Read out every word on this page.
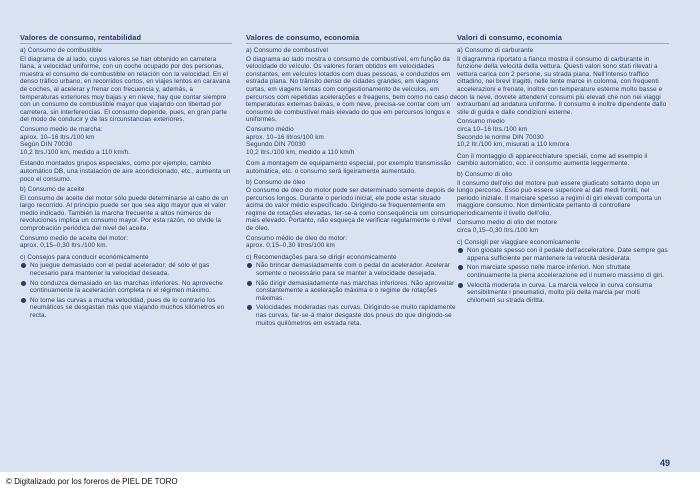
Valores de consumo, rentabilidad
a) Consumo de combustible

El diagrama de al lado, cuyos valores se han obtenido en carretera llana, a velocidad uniforme, con un coche ocupado por dos personas, muestra el consumo de combustible en relación con la velocidad. En el denso tráfico urbano, en recorridos cortos, en viajes lentos en caravana de coches, al acelerar y frenar con frecuencia y, además, a temperaturas exteriores muy bajas y en nieve, hay que contar siempre con un consumo de combustible mayor que viajando con libertad por carretera, sin interferencias. El consumo depende, pues, en gran parte del modo de conducir y de las circunstancias exteriores.

Consumo medio de marcha:
aprox. 10–16 ltrs./100 km
Según DIN 70030
10,2 ltrs./100 km, medido a 110 km/h.

Estando montados grupos especiales, como por ejemplo, cambio automático DB, una instalación de aire acondicionado, etc., aumenta un poco el consumo.

b) Consumo de aceite

El consumo de aceite del motor sólo puede determinarse al cabo de un largo recorrido. Al principio puede ser que sea algo mayor que el valor medio indicado. También la marcha frecuente a altos números de revoluciones implica un consumo mayor. Por esta razón, no olvide la comprobación periódica del nivel del aceite.

Consumo medio de aceite del motor:
aprox. 0,15–0,30 ltrs./100 km.
c) Consejos para conducir económicamente
No juegue demasiado con el pedal acelerador; dé sólo el gas necesario para mantener la velocidad deseada.
No conduzca demasiado en las marchas inferiores. No aproveche continuamente la aceleración completa ni el régimen máximo.
No tome las curvas a mucha velocidad, pues de lo contrario los neumáticos se desgastan más que viajando muchos kilómetros en recta.
Valores de consumo, economia
a) Consumo de combustível

O diagrama ao lado mostra o consumo de combustível, em função da velocidade do veículo. Os valores foram obtidos em velocidades constantes, em veículos lotados com duas pessoas, e conduzidos em estrada plana. No trânsito denso de cidades grandes, em viagens curtas, em viagens lentas com congestionamento de veículos, em percursos com repetidas acelerações e freagens, bem como no caso de temperaturas externas baixas, e com neve, precisa-se contar com um consumo de combustível mais elevado do que em percursos longos e uniformes.

Consumo médio
aprox. 10–16 litros/100 km
Segundo DIN 70030
10,2 ltrs./100 km, medido a 110 km/h

Com a montagem de equipamento especial, por exemplo transmissão automática, etc. o consumo será ligeiramente aumentado.

b) Consumo de óleo

O consumo de óleo do motor pode ser determinado somente depois de percursos longos. Durante o período inicial, ele pode estar situado acima do valor médio especificado. Dirigindo-se frequentemente em regime de rotações elevadas, ter-se-á como consequência um consumo mais elevado. Portanto, não esqueça de verificar regularmente o nível de óleo.

Consumo médio de óleo do motor:
aprox. 0,15–0,30 litros/100 km
c) Recomendações para se dirigir economicamente
Não brincar demasiadamente com o pedal do acelerador. Acelerar somente o necessário para se manter a velocidade desejada.
Não dirigir demasiadamente nas marchas inferiores. Não aproveitar constantemente a aceleração máxima e o regime de rotações máximas.
Velocidades moderadas nas curvas. Dirigindo-se muito rapidamente nas curvas, far-se-á maior desgaste dos pneus do que dirigindo-se muitos quilômetros em estrada reta.
Valori di consumo, economia
a) Consumo di carburante

Il diagramma riportato a fianco mostra il consumo di carburante in funzione della velocità della vettura. Questi valori sono stati rilevati a vettura carica con 2 persone, su strada piana. Nell'intenso traffico cittadino, nei brevi tragitti, nelle lente marce in colonna, con frequenti accelerazioni e frenate, inoltre con temperature esterne molto basse e con la neve, dovrete attendervi consumi più elevati che non nei viaggi extraurbani ad andatura uniforme. Il consumo è inoltre dipendente dallo stile di guida e dalle condizioni esterne.

Consumo medio
circa 10–16 ltrs./100 km
Secondo le norme DIN 70030
10,2 ltr./100 km, misurati a 110 km/ora

Con il montaggio di apparecchiature speciali, come ad esempio il cambio automatico, ecc. il consumo aumenta leggermente.

b) Consumo di olio

Il consumo dell'olio del motore può essere giudicato soltanto dopo un lungo percorso. Esso può essere superiore ai dati medi forniti, nel periodo iniziale. Il marciare spesso a regimi di giri elevati comporta un maggiore consumo. Non dimenticate pertanto di controllare periodicamente il livello dell'olio.

Consumo medio di olio del motore
circa 0,15–0,30 ltrs./100 km
c) Consigli per viaggiare economicamente
Non giocate spesso con il pedale dell'acceleratore. Date sempre gas appena sufficiente per mantenere la velocità desiderata.
Non marciate spesso nelle marce inferiori. Non sfruttate continuamente la piena accelerazione ed il numero massimo di giri.
Velocità moderata in curva. La marcia veloce in curva consuma sensibilmente i pneumatici, molto più della marcia per molti chilometri su strada diritta.
49
© Digitalizado por los foreros de PIEL DE TORO
